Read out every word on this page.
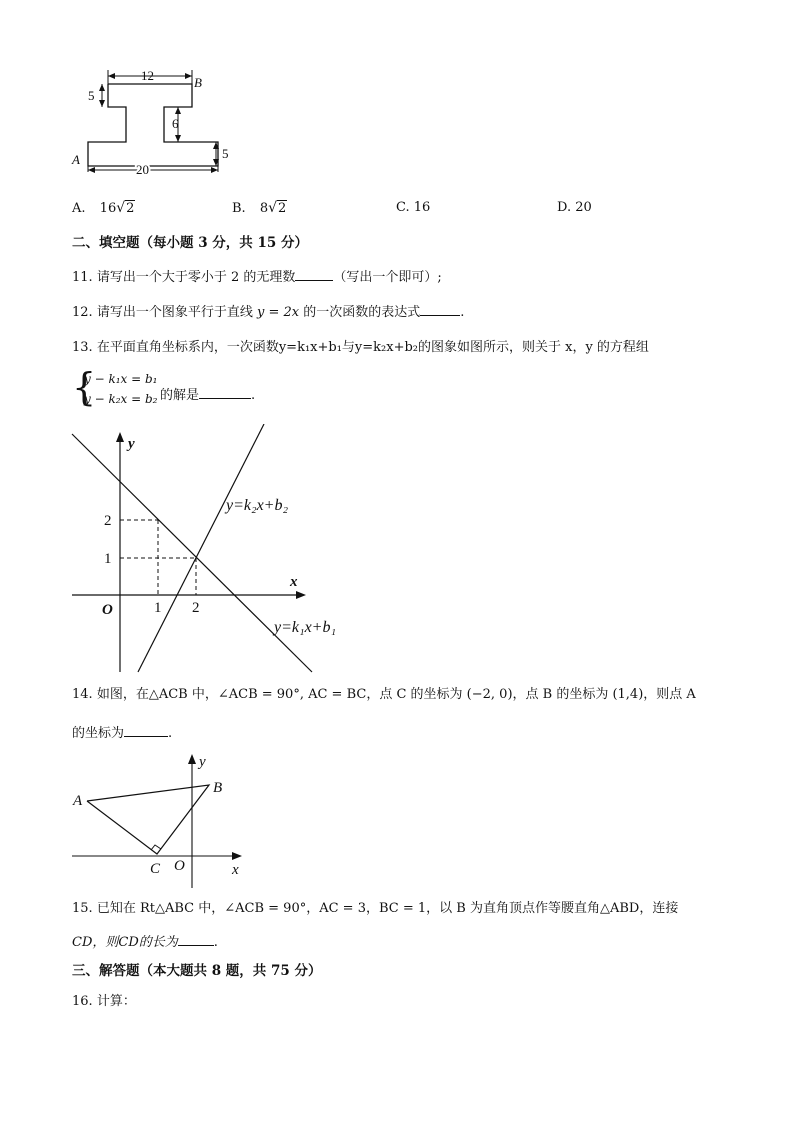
12	B
5
6
5
20
A
A. 16√2	B. 8√2	C. 16	D. 20
二、填空题（每小题 3 分，共 15 分）
11. 请写出一个大于零小于 2 的无理数	（写出一个即可）;
12. 请写出一个图象平行于直线 y = 2x 的一次函数的表达式	.
13. 在平面直角坐标系内，一次函数y=k₁x+b₁与y=k₂x+b₂的图象如图所示，则关于 x，y 的方程组
{
y − k₁x = b₁
y − k₂x = b₂ 的解是	.
y
x
O
2
1
1 2
y=k₂x+b₂
y=k₁x+b₁
14. 如图，在△ACB 中，∠ACB = 90°, AC = BC，点 C 的坐标为 (−2, 0)，点 B 的坐标为 (1,4)，则点 A
的坐标为	.
y
x
A
B
C O
15. 已知在 Rt△ABC 中，∠ACB = 90°，AC = 3，BC = 1，以 B 为直角顶点作等腰直角△ABD，连接
CD，则CD的长为	.
三、解答题（本大题共 8 题，共 75 分）
16. 计算：
